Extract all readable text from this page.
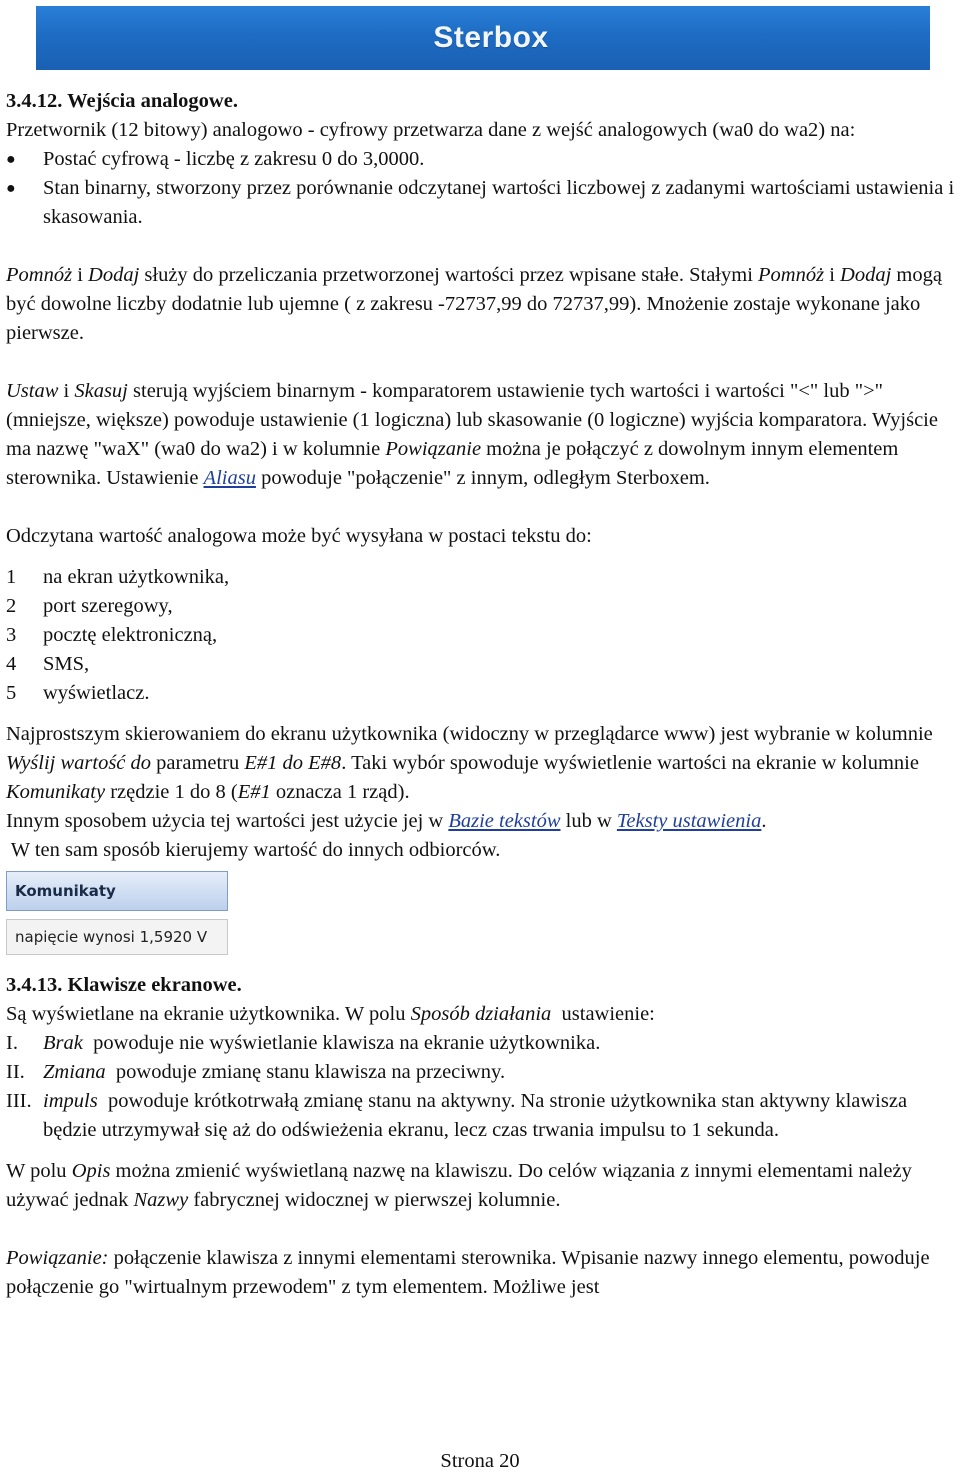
Sterbox

3.4.12. Wejścia analogowe.

Przetwornik (12 bitowy) analogowo - cyfrowy przetwarza dane z wejść analogowych (wa0 do wa2) na:

● Postać cyfrową - liczbę z zakresu 0 do 3,0000.
● Stan binarny, stworzony przez porównanie odczytanej wartości liczbowej z zadanymi wartościami ustawienia i skasowania.

Pomnóż i Dodaj służy do przeliczania przetworzonej wartości przez wpisane stałe. Stałymi Pomnóż i Dodaj mogą być dowolne liczby dodatnie lub ujemne ( z zakresu -72737,99 do 72737,99). Mnożenie zostaje wykonane jako pierwsze.

Ustaw i Skasuj sterują wyjściem binarnym - komparatorem ustawienie tych wartości i wartości "<" lub ">" (mniejsze, większe) powoduje ustawienie (1 logiczna) lub skasowanie (0 logiczne) wyjścia komparatora. Wyjście ma nazwę "waX" (wa0 do wa2) i w kolumnie Powiązanie można je połączyć z dowolnym innym elementem sterownika. Ustawienie Aliasu powoduje "połączenie" z innym, odległym Sterboxem.

Odczytana wartość analogowa może być wysyłana w postaci tekstu do:

1 na ekran użytkownika,
2 port szeregowy,
3 pocztę elektroniczną,
4 SMS,
5 wyświetlacz.

Najprostszym skierowaniem do ekranu użytkownika (widoczny w przeglądarce www) jest wybranie w kolumnie Wyślij wartość do parametru E#1 do E#8. Taki wybór spowoduje wyświetlenie wartości na ekranie w kolumnie Komunikaty rzędzie 1 do 8 (E#1 oznacza 1 rząd).

Innym sposobem użycia tej wartości jest użycie jej w Bazie tekstów lub w Teksty ustawienia.

W ten sam sposób kierujemy wartość do innych odbiorców.

Komunikaty
napięcie wynosi 1,5920 V

3.4.13. Klawisze ekranowe.

Są wyświetlane na ekranie użytkownika. W polu Sposób działania  ustawienie:

I. Brak  powoduje nie wyświetlanie klawisza na ekranie użytkownika.
II. Zmiana  powoduje zmianę stanu klawisza na przeciwny.
III. impuls  powoduje krótkotrwałą zmianę stanu na aktywny. Na stronie użytkownika stan aktywny klawisza będzie utrzymywał się aż do odświeżenia ekranu, lecz czas trwania impulsu to 1 sekunda.

W polu Opis można zmienić wyświetlaną nazwę na klawiszu. Do celów wiązania z innymi elementami należy używać jednak Nazwy fabrycznej widocznej w pierwszej kolumnie.

Powiązanie: połączenie klawisza z innymi elementami sterownika. Wpisanie nazwy innego elementu, powoduje połączenie go "wirtualnym przewodem" z tym elementem. Możliwe jest

Strona 20
